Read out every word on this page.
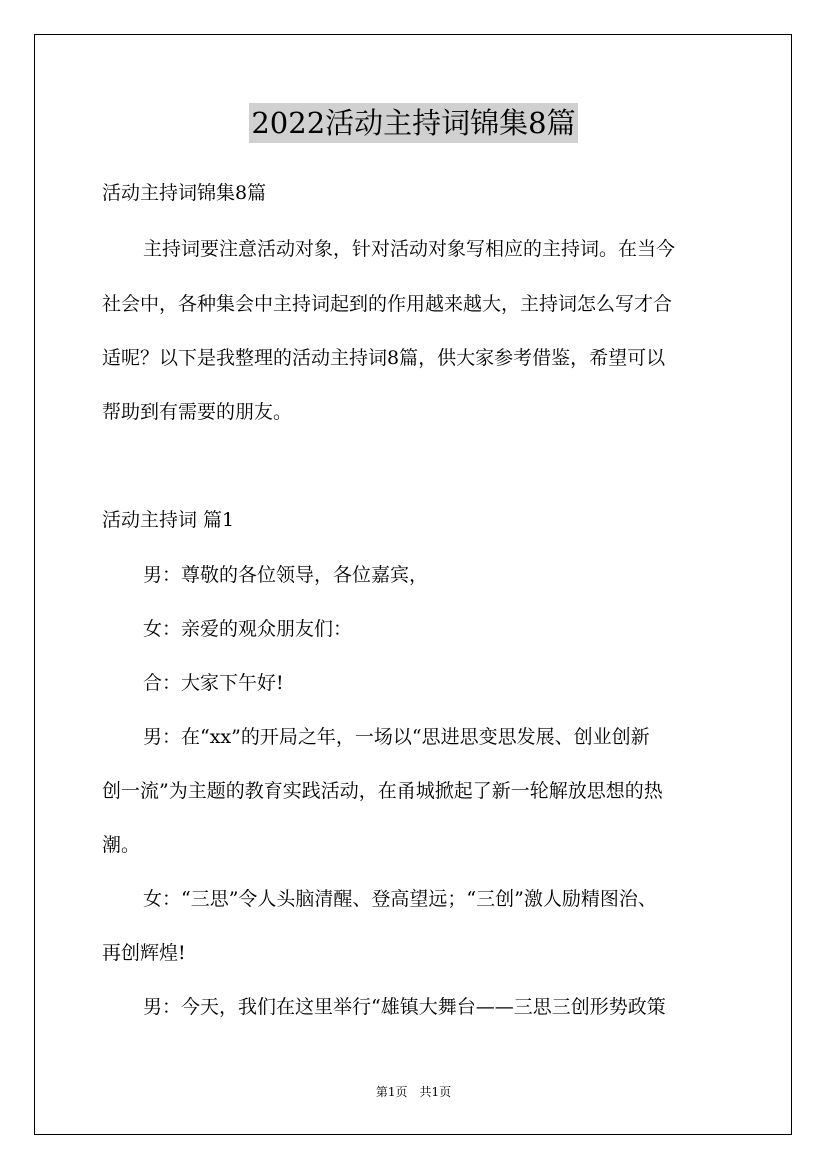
2022活动主持词锦集8篇
活动主持词锦集8篇
主持词要注意活动对象，针对活动对象写相应的主持词。在当今
社会中，各种集会中主持词起到的作用越来越大，主持词怎么写才合
适呢？以下是我整理的活动主持词8篇，供大家参考借鉴，希望可以
帮助到有需要的朋友。
活动主持词 篇1
男：尊敬的各位领导，各位嘉宾，
女：亲爱的观众朋友们：
合：大家下午好!
男：在“xx”的开局之年，一场以“思进思变思发展、创业创新
创一流”为主题的教育实践活动，在甬城掀起了新一轮解放思想的热
潮。
女：“三思”令人头脑清醒、登高望远；“三创”激人励精图治、
再创辉煌!
男：今天，我们在这里举行“雄镇大舞台——三思三创形势政策
第1页　共1页
